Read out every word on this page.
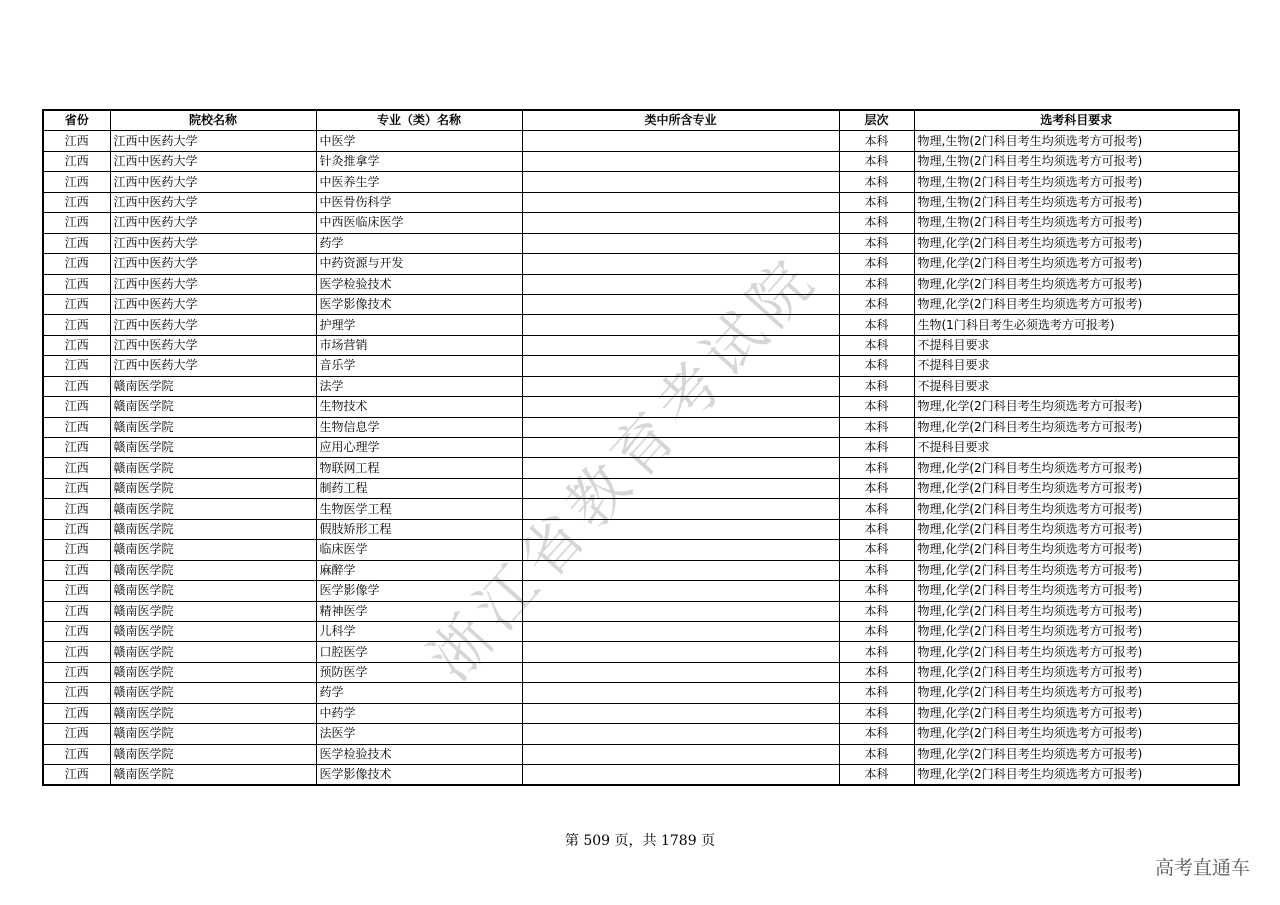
省份	院校名称	专业（类）名称	类中所含专业	层次	选考科目要求
江西	江西中医药大学	中医学		本科	物理,生物(2门科目考生均须选考方可报考)
江西	江西中医药大学	针灸推拿学		本科	物理,生物(2门科目考生均须选考方可报考)
江西	江西中医药大学	中医养生学		本科	物理,生物(2门科目考生均须选考方可报考)
江西	江西中医药大学	中医骨伤科学		本科	物理,生物(2门科目考生均须选考方可报考)
江西	江西中医药大学	中西医临床医学		本科	物理,生物(2门科目考生均须选考方可报考)
江西	江西中医药大学	药学		本科	物理,化学(2门科目考生均须选考方可报考)
江西	江西中医药大学	中药资源与开发		本科	物理,化学(2门科目考生均须选考方可报考)
江西	江西中医药大学	医学检验技术		本科	物理,化学(2门科目考生均须选考方可报考)
江西	江西中医药大学	医学影像技术		本科	物理,化学(2门科目考生均须选考方可报考)
江西	江西中医药大学	护理学		本科	生物(1门科目考生必须选考方可报考)
江西	江西中医药大学	市场营销		本科	不提科目要求
江西	江西中医药大学	音乐学		本科	不提科目要求
江西	赣南医学院	法学		本科	不提科目要求
江西	赣南医学院	生物技术		本科	物理,化学(2门科目考生均须选考方可报考)
江西	赣南医学院	生物信息学		本科	物理,化学(2门科目考生均须选考方可报考)
江西	赣南医学院	应用心理学		本科	不提科目要求
江西	赣南医学院	物联网工程		本科	物理,化学(2门科目考生均须选考方可报考)
江西	赣南医学院	制药工程		本科	物理,化学(2门科目考生均须选考方可报考)
江西	赣南医学院	生物医学工程		本科	物理,化学(2门科目考生均须选考方可报考)
江西	赣南医学院	假肢矫形工程		本科	物理,化学(2门科目考生均须选考方可报考)
江西	赣南医学院	临床医学		本科	物理,化学(2门科目考生均须选考方可报考)
江西	赣南医学院	麻醉学		本科	物理,化学(2门科目考生均须选考方可报考)
江西	赣南医学院	医学影像学		本科	物理,化学(2门科目考生均须选考方可报考)
江西	赣南医学院	精神医学		本科	物理,化学(2门科目考生均须选考方可报考)
江西	赣南医学院	儿科学		本科	物理,化学(2门科目考生均须选考方可报考)
江西	赣南医学院	口腔医学		本科	物理,化学(2门科目考生均须选考方可报考)
江西	赣南医学院	预防医学		本科	物理,化学(2门科目考生均须选考方可报考)
江西	赣南医学院	药学		本科	物理,化学(2门科目考生均须选考方可报考)
江西	赣南医学院	中药学		本科	物理,化学(2门科目考生均须选考方可报考)
江西	赣南医学院	法医学		本科	物理,化学(2门科目考生均须选考方可报考)
江西	赣南医学院	医学检验技术		本科	物理,化学(2门科目考生均须选考方可报考)
江西	赣南医学院	医学影像技术		本科	物理,化学(2门科目考生均须选考方可报考)
浙江省教育考试院
第 509 页，共 1789 页
高考直通车
